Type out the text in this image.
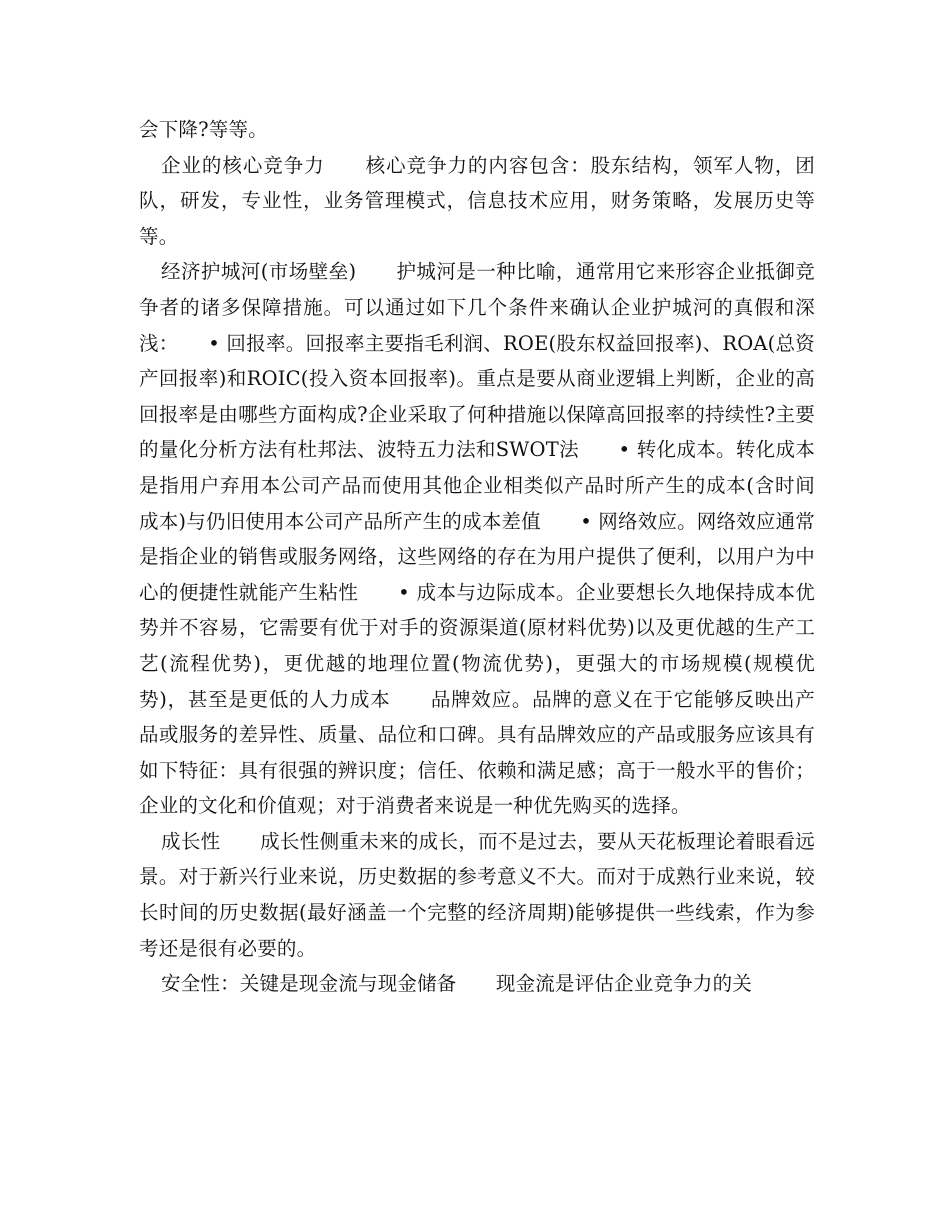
会下降?等等。

企业的核心竞争力　　核心竞争力的内容包含：股东结构，领军人物，团队，研发，专业性，业务管理模式，信息技术应用，财务策略，发展历史等等。

经济护城河(市场壁垒)　　护城河是一种比喻，通常用它来形容企业抵御竞争者的诸多保障措施。可以通过如下几个条件来确认企业护城河的真假和深浅：　　• 回报率。回报率主要指毛利润、ROE(股东权益回报率)、ROA(总资产回报率)和ROIC(投入资本回报率)。重点是要从商业逻辑上判断，企业的高回报率是由哪些方面构成?企业采取了何种措施以保障高回报率的持续性?主要的量化分析方法有杜邦法、波特五力法和SWOT法　　• 转化成本。转化成本是指用户弃用本公司产品而使用其他企业相类似产品时所产生的成本(含时间成本)与仍旧使用本公司产品所产生的成本差值　　• 网络效应。网络效应通常是指企业的销售或服务网络，这些网络的存在为用户提供了便利，以用户为中心的便捷性就能产生粘性　　• 成本与边际成本。企业要想长久地保持成本优势并不容易，它需要有优于对手的资源渠道(原材料优势)以及更优越的生产工艺(流程优势)，更优越的地理位置(物流优势)，更强大的市场规模(规模优势)，甚至是更低的人力成本　　品牌效应。品牌的意义在于它能够反映出产品或服务的差异性、质量、品位和口碑。具有品牌效应的产品或服务应该具有如下特征：具有很强的辨识度；信任、依赖和满足感；高于一般水平的售价；企业的文化和价值观；对于消费者来说是一种优先购买的选择。

成长性　　成长性侧重未来的成长，而不是过去，要从天花板理论着眼看远景。对于新兴行业来说，历史数据的参考意义不大。而对于成熟行业来说，较长时间的历史数据(最好涵盖一个完整的经济周期)能够提供一些线索，作为参考还是很有必要的。

安全性：关键是现金流与现金储备　　现金流是评估企业竞争力的关
